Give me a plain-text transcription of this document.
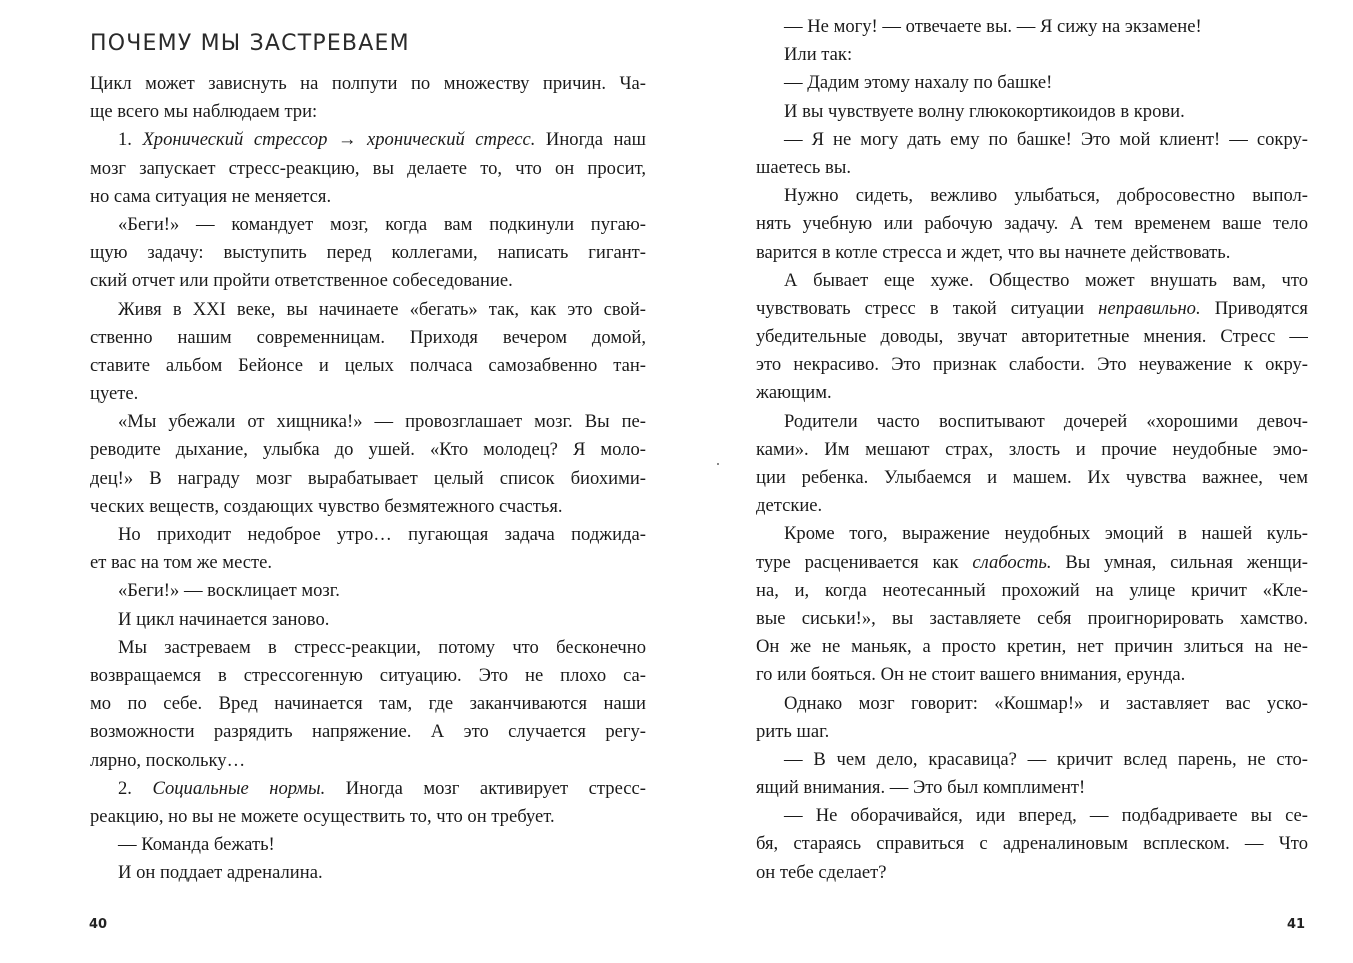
ПОЧЕМУ МЫ ЗАСТРЕВАЕМ
Цикл может зависнуть на полпути по множеству причин. Ча-
ще всего мы наблюдаем три:
1. Хронический стрессор → хронический стресс. Иногда наш
мозг запускает стресс-реакцию, вы делаете то, что он просит,
но сама ситуация не меняется.
«Беги!» — командует мозг, когда вам подкинули пугаю-
щую задачу: выступить перед коллегами, написать гигант-
ский отчет или пройти ответственное собеседование.
Живя в XXI веке, вы начинаете «бегать» так, как это свой-
ственно нашим современницам. Приходя вечером домой,
ставите альбом Бейонсе и целых полчаса самозабвенно тан-
цуете.
«Мы убежали от хищника!» — провозглашает мозг. Вы пе-
реводите дыхание, улыбка до ушей. «Кто молодец? Я моло-
дец!» В награду мозг вырабатывает целый список биохими-
ческих веществ, создающих чувство безмятежного счастья.
Но приходит недоброе утро… пугающая задача поджида-
ет вас на том же месте.
«Беги!» — восклицает мозг.
И цикл начинается заново.
Мы застреваем в стресс-реакции, потому что бесконечно
возвращаемся в стрессогенную ситуацию. Это не плохо са-
мо по себе. Вред начинается там, где заканчиваются наши
возможности разрядить напряжение. А это случается регу-
лярно, поскольку…
2. Социальные нормы. Иногда мозг активирует стресс-
реакцию, но вы не можете осуществить то, что он требует.
— Команда бежать!
И он поддает адреналина.
40
— Не могу! — отвечаете вы. — Я сижу на экзамене!
Или так:
— Дадим этому нахалу по башке!
И вы чувствуете волну глюкокортикоидов в крови.
— Я не могу дать ему по башке! Это мой клиент! — сокру-
шаетесь вы.
Нужно сидеть, вежливо улыбаться, добросовестно выпол-
нять учебную или рабочую задачу. А тем временем ваше тело
варится в котле стресса и ждет, что вы начнете действовать.
А бывает еще хуже. Общество может внушать вам, что
чувствовать стресс в такой ситуации неправильно. Приводятся
убедительные доводы, звучат авторитетные мнения. Стресс —
это некрасиво. Это признак слабости. Это неуважение к окру-
жающим.
Родители часто воспитывают дочерей «хорошими девоч-
ками». Им мешают страх, злость и прочие неудобные эмо-
ции ребенка. Улыбаемся и машем. Их чувства важнее, чем
детские.
Кроме того, выражение неудобных эмоций в нашей куль-
туре расценивается как слабость. Вы умная, сильная женщи-
на, и, когда неотесанный прохожий на улице кричит «Кле-
вые сиськи!», вы заставляете себя проигнорировать хамство.
Он же не маньяк, а просто кретин, нет причин злиться на не-
го или бояться. Он не стоит вашего внимания, ерунда.
Однако мозг говорит: «Кошмар!» и заставляет вас уско-
рить шаг.
— В чем дело, красавица? — кричит вслед парень, не сто-
ящий внимания. — Это был комплимент!
— Не оборачивайся, иди вперед, — подбадриваете вы се-
бя, стараясь справиться с адреналиновым всплеском. — Что
он тебе сделает?
41
